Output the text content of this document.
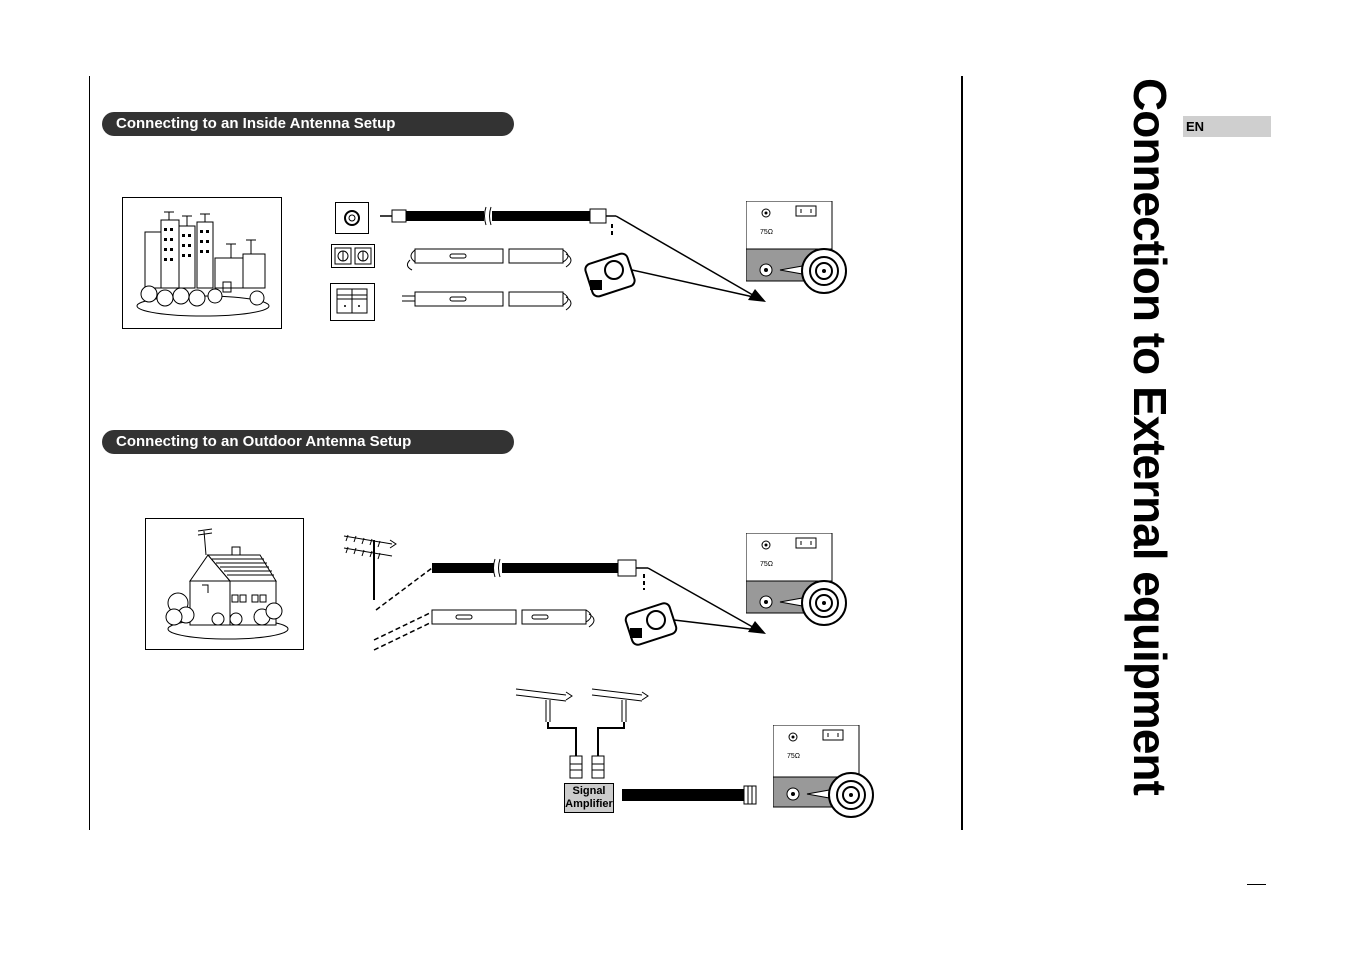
Connecting to an Inside Antenna Setup
Connecting to an Outdoor Antenna Setup	Connection to External equipment EN
75Ω
75Ω
75Ω
Signal
Amplifier
